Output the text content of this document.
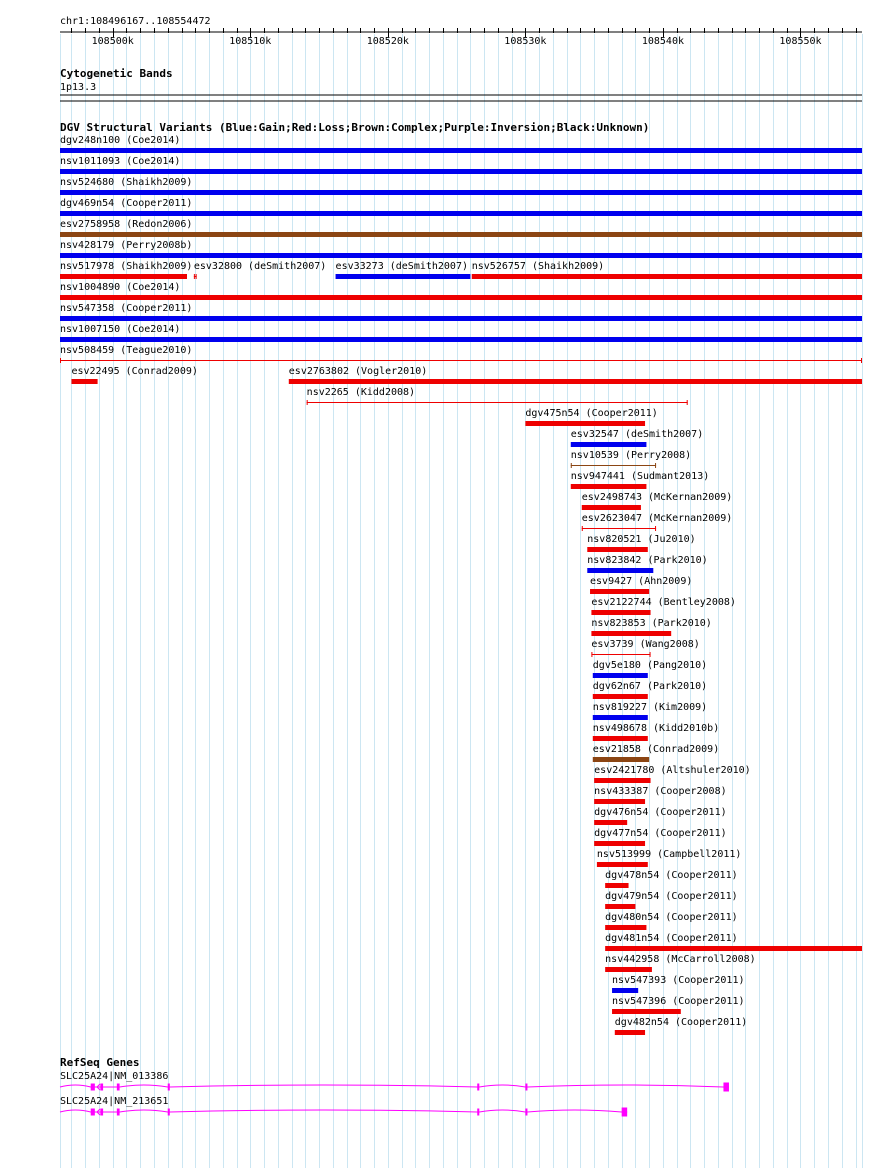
chr1:108496167..108554472
108500k	108510k	108520k	108530k	108540k	108550k
Cytogenetic Bands
1p13.3
DGV Structural Variants (Blue:Gain;Red:Loss;Brown:Complex;Purple:Inversion;Black:Unknown)
dgv248n100 (Coe2014)
nsv1011093 (Coe2014)
nsv524680 (Shaikh2009)
dgv469n54 (Cooper2011)
esv2758958 (Redon2006)
nsv428179 (Perry2008b)
nsv517978 (Shaikh2009) esv32800 (deSmith2007) esv33273 (deSmith2007) nsv526757 (Shaikh2009)
nsv1004890 (Coe2014)
nsv547358 (Cooper2011)
nsv1007150 (Coe2014)
nsv508459 (Teague2010)
esv22495 (Conrad2009)	esv2763802 (Vogler2010)
nsv2265 (Kidd2008)
dgv475n54 (Cooper2011)
esv32547 (deSmith2007)
nsv10539 (Perry2008)
nsv947441 (Sudmant2013)
esv2498743 (McKernan2009)
esv2623047 (McKernan2009)
nsv820521 (Ju2010)
nsv823842 (Park2010)
esv9427 (Ahn2009)
esv2122744 (Bentley2008)
nsv823853 (Park2010)
esv3739 (Wang2008)
dgv5e180 (Pang2010)
dgv62n67 (Park2010)
nsv819227 (Kim2009)
nsv498678 (Kidd2010b)
esv21858 (Conrad2009)
esv2421780 (Altshuler2010)
nsv433387 (Cooper2008)
dgv476n54 (Cooper2011)
dgv477n54 (Cooper2011)
nsv513999 (Campbell2011)
dgv478n54 (Cooper2011)
dgv479n54 (Cooper2011)
dgv480n54 (Cooper2011)
dgv481n54 (Cooper2011)
nsv442958 (McCarroll2008)
nsv547393 (Cooper2011)
nsv547396 (Cooper2011)
dgv482n54 (Cooper2011)
RefSeq Genes
SLC25A24|NM_013386
SLC25A24|NM_213651
